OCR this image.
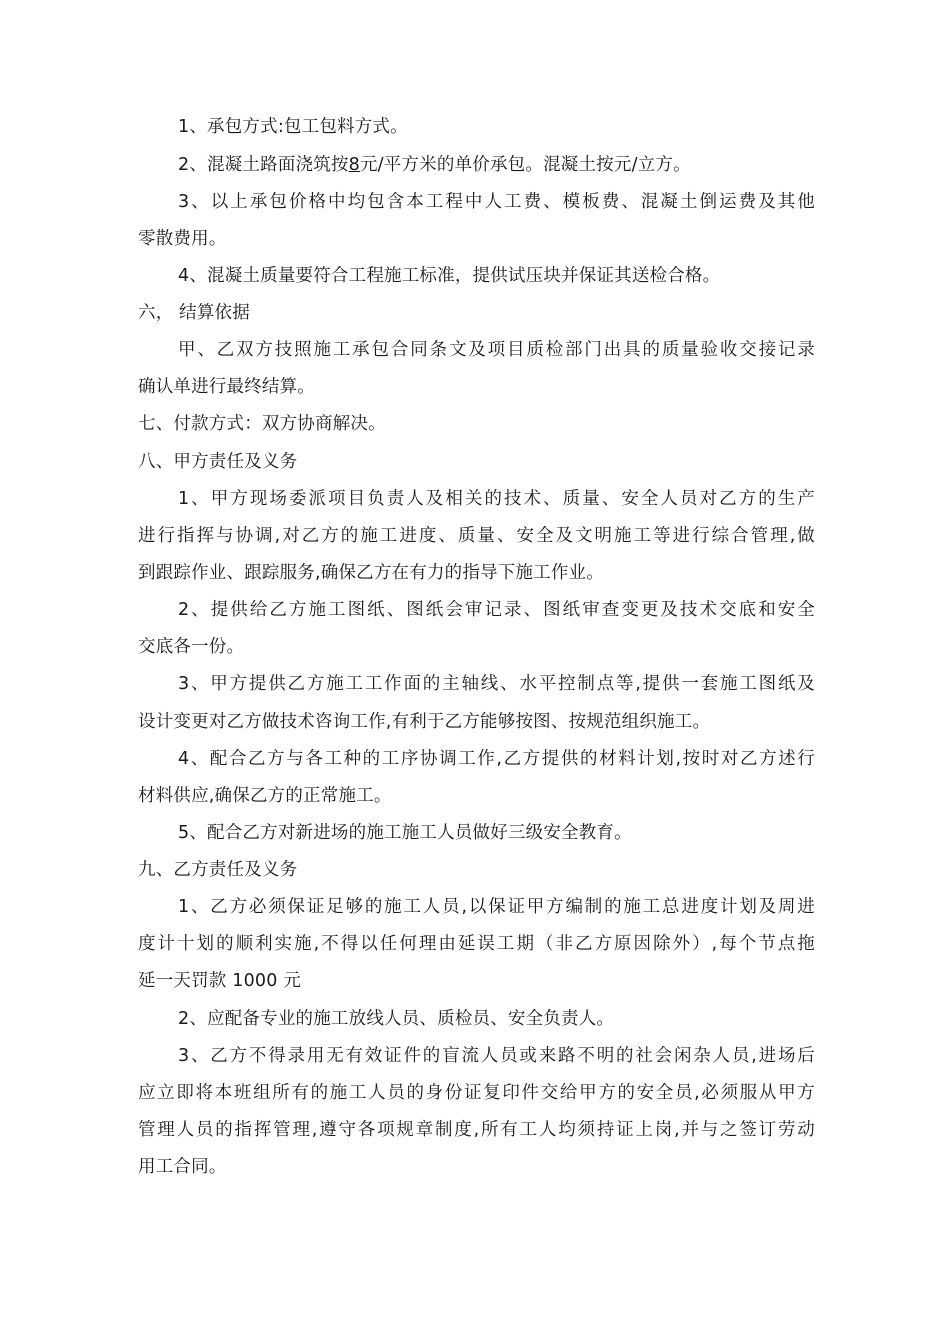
1、承包方式:包工包料方式。
2、混凝土路面浇筑按8元/平方米的单价承包。混凝土按元/立方。
3、以上承包价格中均包含本工程中人工费、模板费、混凝土倒运费及其他
零散费用。
4、混凝土质量要符合工程施工标准，提供试压块并保证其送检合格。
六， 结算依据
甲、乙双方技照施工承包合同条文及项目质检部门出具的质量验收交接记录
确认单进行最终结算。
七、付款方式：双方协商解决。
八、甲方责任及义务
1、甲方现场委派项目负责人及相关的技术、质量、安全人员对乙方的生产
进行指挥与协调,对乙方的施工进度、质量、安全及文明施工等进行综合管理,做
到跟踪作业、跟踪服务,确保乙方在有力的指导下施工作业。
2、提供给乙方施工图纸、图纸会审记录、图纸审查变更及技术交底和安全
交底各一份。
3、甲方提供乙方施工工作面的主轴线、水平控制点等,提供一套施工图纸及
设计变更对乙方做技术咨询工作,有利于乙方能够按图、按规范组织施工。
4、配合乙方与各工种的工序协调工作,乙方提供的材料计划,按时对乙方述行
材料供应,确保乙方的正常施工。
5、配合乙方对新进场的施工施工人员做好三级安全教育。
九、乙方责任及义务
1、乙方必须保证足够的施工人员,以保证甲方编制的施工总进度计划及周进
度计十划的顺利实施,不得以任何理由延误工期（非乙方原因除外）,每个节点拖
延一天罚款 1000 元
2、应配备专业的施工放线人员、质检员、安全负责人。
3、乙方不得录用无有效证件的盲流人员或来路不明的社会闲杂人员,进场后
应立即将本班组所有的施工人员的身份证复印件交给甲方的安全员,必须服从甲方
管理人员的指挥管理,遵守各项规章制度,所有工人均须持证上岗,并与之签订劳动
用工合同。
